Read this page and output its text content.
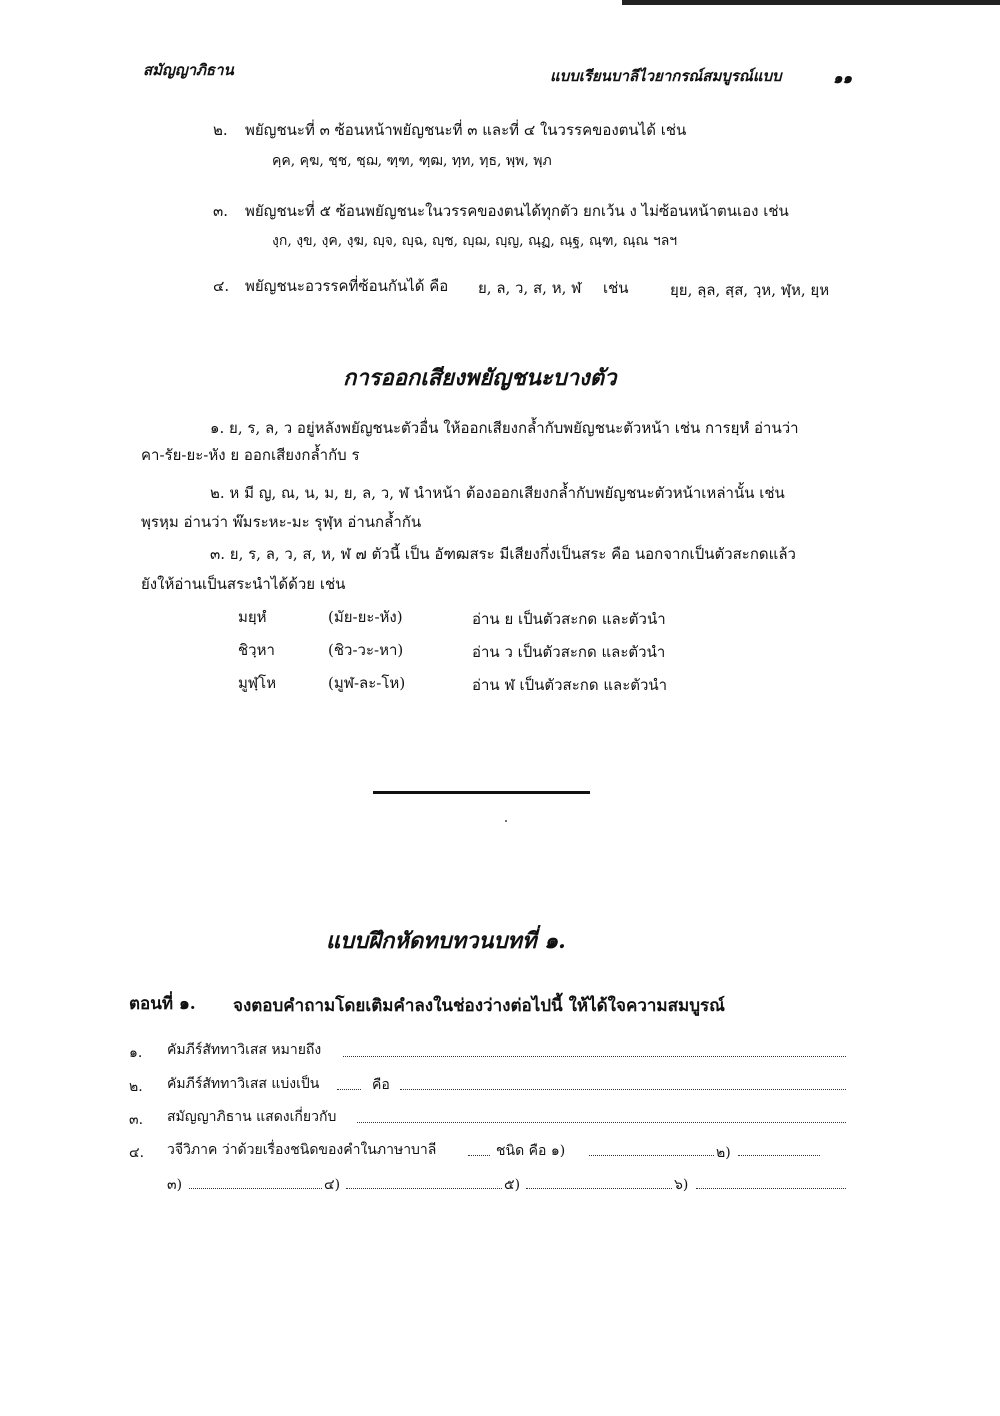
สมัญญาภิธาน	แบบเรียนบาลีไวยากรณ์สมบูรณ์แบบ	๑๑
๒. พยัญชนะที่ ๓ ซ้อนหน้าพยัญชนะที่ ๓ และที่ ๔ ในวรรคของตนได้ เช่น
คฺค, คฺฆ, ชฺช, ชฺฌ, ฑฺฑ, ฑฺฒ, ทฺท, ทฺธ, พฺพ, พฺภ
๓. พยัญชนะที่ ๕ ซ้อนพยัญชนะในวรรคของตนได้ทุกตัว ยกเว้น ง ไม่ซ้อนหน้าตนเอง เช่น
งฺก, งฺข, งฺค, งฺฆ, ญฺจ, ญฺฉ, ญฺช, ญฺฌ, ญฺญ, ณฺฏ, ณฺฐ, ณฺฑ, ณฺณ ฯลฯ
๔. พยัญชนะอวรรคที่ซ้อนกันได้ คือ ย, ล, ว, ส, ห, ฬ เช่น	ยฺย, ลฺล, สฺส, วฺห, ฬฺห, ยฺห
การออกเสียงพยัญชนะบางตัว
๑. ย, ร, ล, ว อยู่หลังพยัญชนะตัวอื่น ให้ออกเสียงกล้ำกับพยัญชนะตัวหน้า เช่น การยฺหํ อ่านว่า
คา-รัย-ยะ-หัง ย ออกเสียงกล้ำกับ ร
๒. ห มี ญ, ณ, น, ม, ย, ล, ว, ฬ นำหน้า ต้องออกเสียงกล้ำกับพยัญชนะตัวหน้าเหล่านั้น เช่น
พฺรหฺม อ่านว่า พ๊มระหะ-มะ รุฬฺห อ่านกล้ำกัน
๓. ย, ร, ล, ว, ส, ห, ฬ ๗ ตัวนี้ เป็น อัฑฒสระ มีเสียงกึ่งเป็นสระ คือ นอกจากเป็นตัวสะกดแล้ว
ยังให้อ่านเป็นสระนำได้ด้วย เช่น
มยฺหํ	(มัย-ยะ-หัง)	อ่าน ย เป็นตัวสะกด และตัวนำ
ชิวฺหา	(ชิว-วะ-หา)	อ่าน ว เป็นตัวสะกด และตัวนำ
มูฬฺโห	(มูฬ-ละ-โห)	อ่าน ฬ เป็นตัวสะกด และตัวนำ
แบบฝึกหัดทบทวนบทที่ ๑.
ตอนที่ ๑. จงตอบคำถามโดยเติมคำลงในช่องว่างต่อไปนี้ ให้ได้ใจความสมบูรณ์
๑. คัมภีร์สัททาวิเสส หมายถึง
๒. คัมภีร์สัททาวิเสส แบ่งเป็น	คือ
๓. สมัญญาภิธาน แสดงเกี่ยวกับ
๔. วจีวิภาค ว่าด้วยเรื่องชนิดของคำในภาษาบาลี	ชนิด คือ ๑)	๒)
๓)	๔)	๕)	๖)
